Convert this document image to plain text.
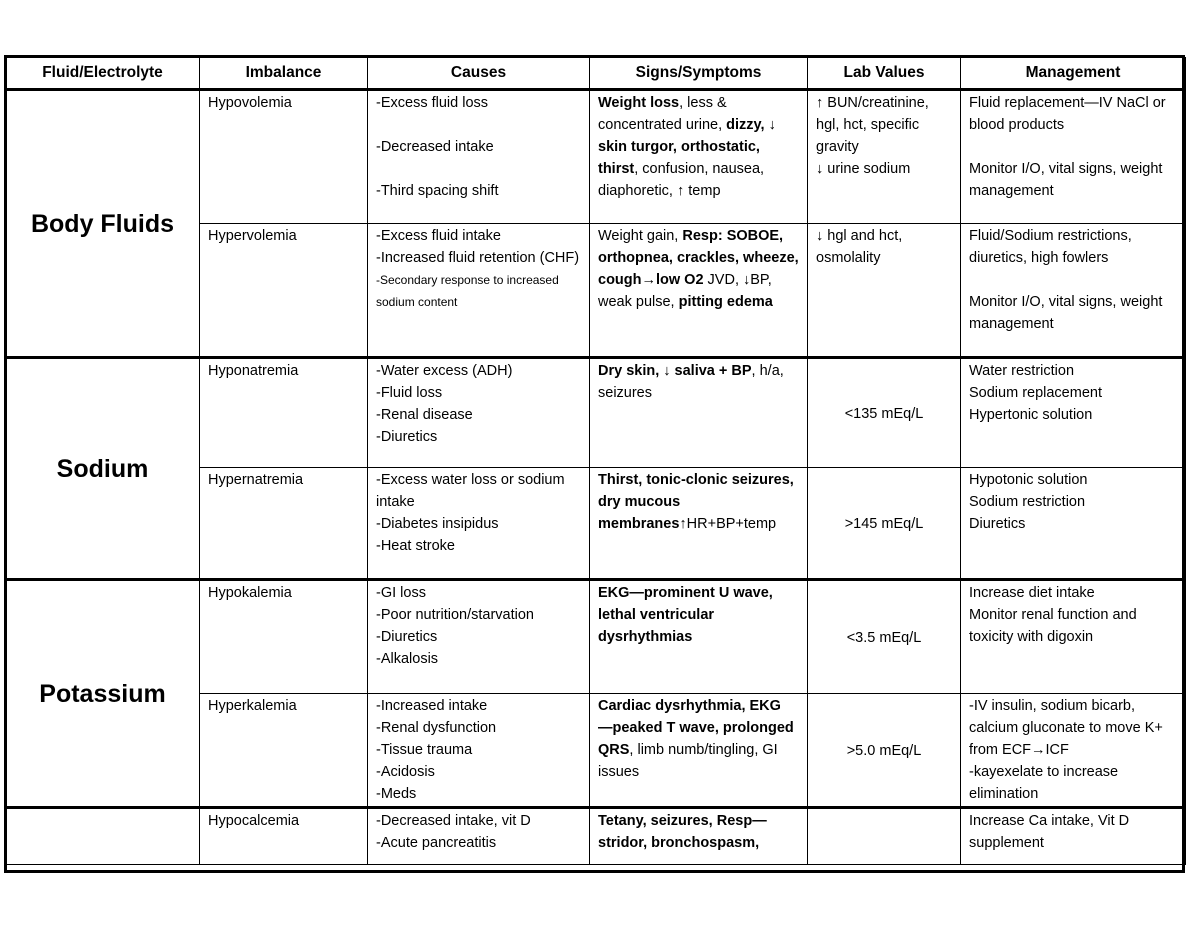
Fluid/Electrolyte	Imbalance	Causes	Signs/Symptoms	Lab Values	Management
Body Fluids	Hypovolemia	-Excess fluid loss
-Decreased intake
-Third spacing shift	Weight loss, less & concentrated urine, dizzy, ↓ skin turgor, orthostatic, thirst, confusion, nausea, diaphoretic, ↑ temp	↑ BUN/creatinine, hgl, hct, specific gravity
↓ urine sodium	Fluid replacement—IV NaCl or blood products
Monitor I/O, vital signs, weight management

	Hypervolemia	-Excess fluid intake
-Increased fluid retention (CHF)
-Secondary response to increased sodium content	Weight gain, Resp: SOBOE, orthopnea, crackles, wheeze, cough→low O2 JVD, ↓BP, weak pulse, pitting edema	↓ hgl and hct, osmolality	Fluid/Sodium restrictions, diuretics, high fowlers
Monitor I/O, vital signs, weight management

Sodium	Hyponatremia	-Water excess (ADH)
-Fluid loss
-Renal disease
-Diuretics	Dry skin, ↓ saliva + BP, h/a, seizures	<135 mEq/L	Water restriction
Sodium replacement
Hypertonic solution

	Hypernatremia	-Excess water loss or sodium intake
-Diabetes insipidus
-Heat stroke	Thirst, tonic-clonic seizures, dry mucous membranes↑HR+BP+temp	>145 mEq/L	Hypotonic solution
Sodium restriction
Diuretics

Potassium	Hypokalemia	-GI loss
-Poor nutrition/starvation
-Diuretics
-Alkalosis	EKG—prominent U wave, lethal ventricular dysrhythmias	<3.5 mEq/L	Increase diet intake
Monitor renal function and toxicity with digoxin

	Hyperkalemia	-Increased intake
-Renal dysfunction
-Tissue trauma
-Acidosis
-Meds	Cardiac dysrhythmia, EKG —peaked T wave, prolonged QRS, limb numb/tingling, GI issues	>5.0 mEq/L	-IV insulin, sodium bicarb, calcium gluconate to move K+ from ECF→ICF
-kayexelate to increase elimination

	Hypocalcemia	-Decreased intake, vit D
-Acute pancreatitis	Tetany, seizures, Resp—stridor, bronchospasm,		Increase Ca intake, Vit D supplement
